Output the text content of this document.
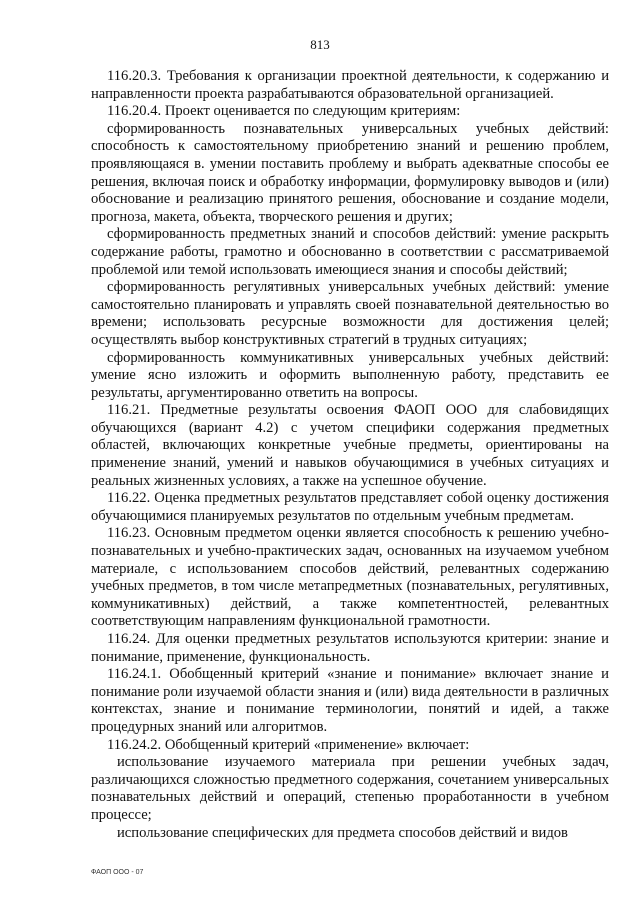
813

116.20.3. Требования к организации проектной деятельности, к содержанию и направленности проекта разрабатываются образовательной организацией.

116.20.4. Проект оценивается по следующим критериям:

сформированность познавательных универсальных учебных действий: способность к самостоятельному приобретению знаний и решению проблем, проявляющаяся в. умении поставить проблему и выбрать адекватные способы ее решения, включая поиск и обработку информации, формулировку выводов и (или) обоснование и реализацию принятого решения, обоснование и создание модели, прогноза, макета, объекта, творческого решения и других;

сформированность предметных знаний и способов действий: умение раскрыть содержание работы, грамотно и обоснованно в соответствии с рассматриваемой проблемой или темой использовать имеющиеся знания и способы действий;

сформированность регулятивных универсальных учебных действий: умение самостоятельно планировать и управлять своей познавательной деятельностью во времени; использовать ресурсные возможности для достижения целей; осуществлять выбор конструктивных стратегий в трудных ситуациях;

сформированность коммуникативных универсальных учебных действий: умение ясно изложить и оформить выполненную работу, представить ее результаты, аргументированно ответить на вопросы.

116.21. Предметные результаты освоения ФАОП ООО для слабовидящих обучающихся (вариант 4.2) с учетом специфики содержания предметных областей, включающих конкретные учебные предметы, ориентированы на применение знаний, умений и навыков обучающимися в учебных ситуациях и реальных жизненных условиях, а также на успешное обучение.

116.22. Оценка предметных результатов представляет собой оценку достижения обучающимися планируемых результатов по отдельным учебным предметам.

116.23. Основным предметом оценки является способность к решению учебно-познавательных и учебно-практических задач, основанных на изучаемом учебном материале, с использованием способов действий, релевантных содержанию учебных предметов, в том числе метапредметных (познавательных, регулятивных, коммуникативных) действий, а также компетентностей, релевантных соответствующим направлениям функциональной грамотности.

116.24. Для оценки предметных результатов используются критерии: знание и понимание, применение, функциональность.

116.24.1. Обобщенный критерий «знание и понимание» включает знание и понимание роли изучаемой области знания и (или) вида деятельности в различных контекстах, знание и понимание терминологии, понятий и идей, а также процедурных знаний или алгоритмов.

116.24.2. Обобщенный критерий «применение» включает:

использование изучаемого материала при решении учебных задач, различающихся сложностью предметного содержания, сочетанием универсальных познавательных действий и операций, степенью проработанности в учебном процессе;

использование специфических для предмета способов действий и видов

ФАОП ООО - 07
